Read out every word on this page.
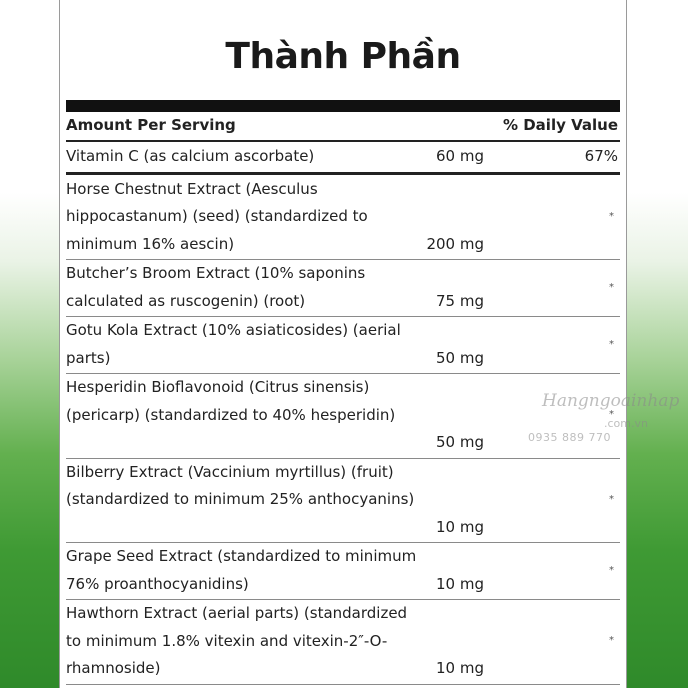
Thành Phần
Amount Per Serving	% Daily Value
Vitamin C (as calcium ascorbate)	60 mg	67%
Horse Chestnut Extract (Aesculus
hippocastanum) (seed) (standardized to
minimum 16% aescin)	200 mg
*
Butcher’s Broom Extract (10% saponins
calculated as ruscogenin) (root)	75 mg
*
Gotu Kola Extract (10% asiaticosides) (aerial
parts)	50 mg
*
Hesperidin Bioflavonoid (Citrus sinensis)
(pericarp) (standardized to 40% hesperidin)
50 mg
*
Bilberry Extract (Vaccinium myrtillus) (fruit)
(standardized to minimum 25% anthocyanins)
10 mg
*
Grape Seed Extract (standardized to minimum
76% proanthocyanidins)	10 mg
*
Hawthorn Extract (aerial parts) (standardized
to minimum 1.8% vitexin and vitexin-2″-O-
rhamnoside)	10 mg
*
Hangngoainhap
.com.vn
0935 889 770
